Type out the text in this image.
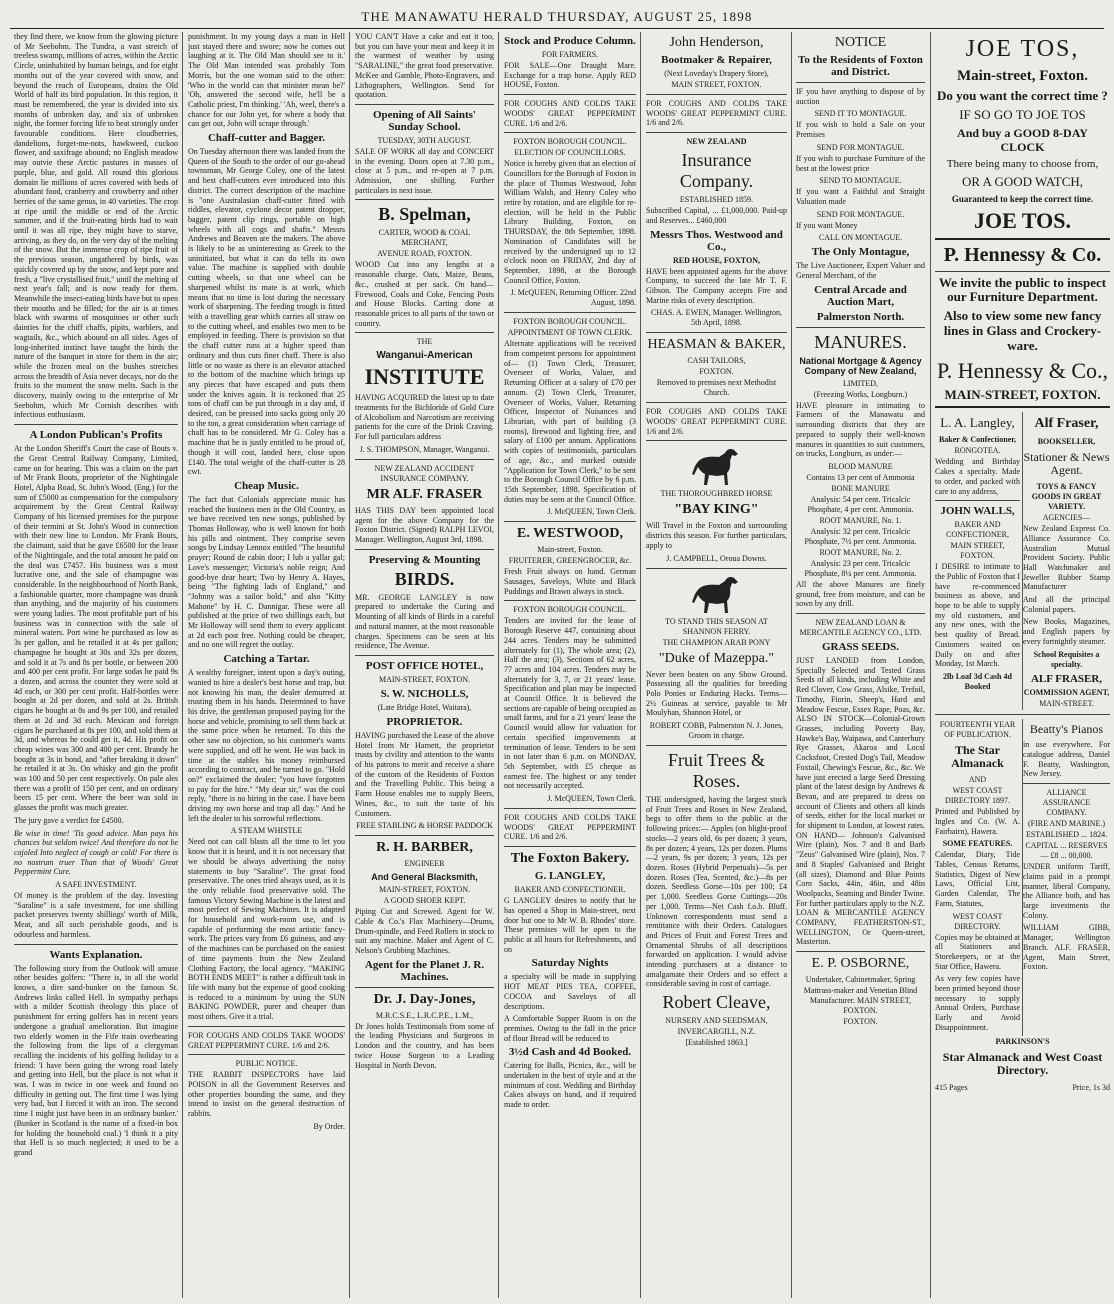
THE MANAWATU HERALD THURSDAY, AUGUST 25, 1898

they find there, we know from the glowing picture of Mr Seebohm. The Tundra, a vast stretch of treeless swamp, millions of acres, within the Arctic Circle, uninhabited by human beings, and for eight months out of the year covered with snow, and beyond the reach of Europeans, drains the Old World of half its bird population. In this region, it must be remembered, the year is divided into six months of unbroken day, and six of unbroken night, the former forcing life to beat strongly under favourable conditions. Here cloudberries, dandelions, forget-me-nots, hawkweed, cuckoo flower, and saxifrage abound; no English meadow may outvie these Arctic pastures in masses of purple, blue, and gold. All round this glorious domain lie millions of acres covered with beds of abundant food, cranberry and crowberry and other berries of the same genus, in 40 varieties. The crop at ripe until the middle or end of the Arctic summer, and if the fruit-eating birds had to wait until it was all ripe, they might have to starve, arriving, as they do, on the very day of the melting of the snow. But the immense crop of ripe fruit of the previous season, ungathered by birds, was quickly covered up by the snow, and kept pure and fresh, a "live crystallised fruit," until the melting of next year's fall; and is now ready for them. Meanwhile the insect-eating birds have but to open their mouths and be filled; for the air is at times black with swarms of mosquitoes or other such dainties for the chiff chaffs, pipits, warblers, and wagtails, &c., which abound on all sides. Ages of long-inherited instinct have taught the birds the nature of the banquet in store for them in the air; while the frozen meal on the bushes stretches across the breadth of Asia never decays, nor do the fruits to the moment the snow melts. Such is the discovery, mainly owing to the enterprise of Mr Seebohm, which Mr Cornish describes with infectious enthusiasm.

A London Publican's Profits

At the London Sheriff's Court the case of Bouts v. the Great Central Railway Company, Limited, came on for hearing. This was a claim on the part of Mr Frank Bouts, proprietor of the Nightingale Hotel, Alpha Road, St. John's Wood, (Eng.) for the sum of £5000 as compensation for the compulsory acquirement by the Great Central Railway Company of his licensed premises for the purpose of their termini at St. John's Wood in connection with their new line to London. Mr Frank Bouts, the claimant, said that he gave £6500 for the lease of the Nightingale, and the total amount he paid on the deal was £7457. His business was a most lucrative one, and the sale of champagne was considerable. In the neighbourhood of North Bank, a fashionable quarter, more champagne was drunk than anything, and the majority of his customers were young ladies. The most profitable part of his business was in connection with the sale of mineral waters. Port wine he purchased as low as 3s per gallon, and he retailed it at 4s per gallon; champagne he bought at 30s and 32s per dozen, and sold it at 7s and 8s per bottle, or between 200 and 400 per cent profit. For large sodas he paid 9s a dozen, and across the counter they were sold at 4d each, or 300 per cent profit. Half-bottles were bought at 2d per dozen, and sold at 2s. British cigars he bought at 8s and 9s per 100, and retailed them at 2d and 3d each. Mexican and foreign cigars he purchased at 8s per 100, and sold them at 3d, and whereas he could get it, 4d. His profit on cheap wines was 300 and 400 per cent. Brandy he bought at 3s in bond, and "after breaking it down" he retailed it at 3s. On whisky and gin the profit was 100 and 50 per cent respectively. On pale ales there was a profit of 150 per cent, and on ordinary beers 15 per cent. Where the beer was sold in glasses the profit was much greater.

The jury gave a verdict for £4500.

Be wise in time! 'Tis good advice. Man pays his chances but seldom twice! And therefore do not be cajoled Into neglect of cough or cold! For there is no nostrum truer Than that of Woods' Great Peppermint Cure.

A SAFE INVESTMENT.

Of money is the problem of the day. Investing "Saraline" is a safe investment, for one shilling packet preserves twenty shillings' worth of Milk, Meat, and all such perishable goods, and is odourless and harmless.

Wants Explanation.

The following story from the Outlook will amuse other besides golfers: "There is, in all the world knows, a dire sand-bunker on the famous St. Andrews links called Hell. In sympathy perhaps with a milder Scottish theology this place of punishment for erring golfers has in recent years undergone a gradual amelioration. But imagine two elderly women in the Fife train overhearing the following from the lips of a clergyman recalling the incidents of his golfing holiday to a friend: 'I have been going the wrong road lately and getting into Hell, but the place is not what it was. I was in twice in one week and found no difficulty in getting out. The first time I was lying very bad, but I forced it with an iron. The second time I might just have been in an ordinary bunker.' (Bunker in Scotland is the name of a fixed-in box for holding the household coal.) 'I think it a pity that Hell is so much neglected; it used to be a grand

punishment. In my young days a man in Hell just stayed there and swore; now he comes out laughing at it. The Old Man should see to it.' The Old Man intended was probably Tom Morris, but the one woman said to the other: 'Who in the world can that minister mean be?' 'Oh, answered the second wife, he'll be a Catholic priest, I'm thinking.' 'Ah, weel, there's a chance for our John yet, for where a body that can get out, John will scrape through.'

Chaff-cutter and Bagger.

On Tuesday afternoon there was landed from the Queen of the South to the order of our go-ahead townsman, Mr George Coley, one of the latest and best chaff-cutters ever introduced into this district. The correct description of the machine is "one Australasian chaff-cutter fitted with riddles, elevator, cyclone decor patent dropper, bagger, patent clip rings, portable on high wheels with all cogs and shafts." Messrs Andrews and Beaven are the makers. The above is likely to be as uninteresting as Greek to the uninitiated, but what it can do tells its own value. The machine is supplied with double cutting wheels, so that one wheel can be sharpened whilst its mate is at work, which means that no time is lost during the necessary work of sharpening. The feeding trough is fitted with a travelling gear which carries all straw on to the cutting wheel, and enables two men to be employed in feeding. There is provision so that the chaff cutter runs at a higher speed than ordinary and thus cuts finer chaff. There is also little or no waste as there is an elevator attached to the bottom of the machine which brings up any pieces that have escaped and puts them under the knives again. It is reckoned that 25 tons of chaff can be put through in a day and, if desired, can be pressed into sacks going only 20 to the ton, a great consideration when carriage of chaff has to be considered. Mr G. Coley has a machine that he is justly entitled to be proud of, though it will cost, landed here, close upon £140. The total weight of the chaff-cutter is 28 cwt.

Cheap Music.

The fact that Colonials appreciate music has reached the business men in the Old Country, as we have received ten new songs, published by Thomas Holloway, who is well known for both his pills and ointment. They comprise seven songs by Lindsay Lennox entitled "The beautiful prayer; Round de cabin door; I lub a yallar gal; Love's messenger; Victoria's noble reign; And good-bye dear heart; Two by Henry A. Hayes, being "The fighting lads of England," and "Johnny was a sailor bold," and also "Kitty Mahone" by H. C. Dannigar. These were all published at the price of two shillings each, but Mr Holloway will send them to every applicant at 2d each post free. Nothing could be cheaper, and no one will regret the outlay.

Catching a Tartar.

A wealthy foreigner, intent upon a day's outing, wanted to hire a dealer's best horse and trap, but not knowing his man, the dealer demurred at trusting them in his hands. Determined to have his drive, the gentleman proposed paying for the horse and vehicle, promising to sell them back at the same price when he returned. To this the other saw no objection, so his customer's wants were supplied, and off he went. He was back in time at the stables his money reimbursed according to contract, and he turned to go. "Hold on?" exclaimed the dealer; "you have forgotten to pay for the hire." "My dear sir," was the cool reply, "there is no hiring in the case. I have been driving my own horse and trap all day." And he left the dealer to his sorrowful reflections.

A STEAM WHISTLE

Need not can call blasts all the time to let you know that it is heard, and it is not necessary that we should be always advertising the noisy statements to buy "Saraline". The great food preservative. The ones tried always used, as it is the only reliable food preservative sold. The famous Victory Sewing Machine is the latest and most perfect of Sewing Machines. It is adapted for household and work-room use, and is capable of performing the most artistic fancy-work. The prices vary from £6 guineas, and any of the machines can be purchased on the easiest of time payments from the New Zealand Clothing Factory, the local agency. "MAKING BOTH ENDS MEET" is rather a difficult task in life with many but the expense of good cooking is reduced to a minimum by using the SUN BAKING POWDER, purer and cheaper than most others. Give it a trial.

FOR COUGHS AND COLDS TAKE WOODS' GREAT PEPPERMINT CURE. 1/6 and 2/6.

PUBLIC NOTICE.

THE RABBIT INSPECTORS have laid POISON in all the Government Reserves and other properties bounding the same, and they intend to insist on the general destruction of rabbits.

By Order.

YOU CAN'T Have a cake and eat it too, but you can have your meat and keep it in the warmest of weather by using "SARALINE," the great food preservative. McKee and Gamble, Photo-Engravers, and Lithographers, Wellington. Send for quotation.

Opening of All Saints' Sunday School.
TUESDAY, 30TH AUGUST.

SALE OF WORK all day and CONCERT in the evening. Doors open at 7.30 p.m., close at 5 p.m., and re-open at 7 p.m. Admission, one shilling. Further particulars in next issue.

B. Spelman,
CARTER, WOOD & COAL MERCHANT,
AVENUE ROAD, FOXTON.

WOOD Cut into any lengths at a reasonable charge. Oats, Maize, Beans, &c., crushed at per sack. On hand—Firewood, Coals and Coke, Fencing Posts and House Blocks. Carting done at reasonable prices to all parts of the town or country.

THE
Wanganui-American
INSTITUTE

HAVING ACQUIRED the latest up to date treatments for the Bichloride of Gold Cure of Alcoholism and Narcotism are receiving patients for the cure of the Drink Craving. For full particulars address

J. S. THOMPSON, Manager, Wanganui.
NEW ZEALAND ACCIDENT INSURANCE COMPANY.
MR ALF. FRASER

HAS THIS DAY been appointed local agent for the above Company for the Foxton District. (Signed) RALPH LEVOI, Manager. Wellington, August 3rd, 1898.

Preserving & Mounting
BIRDS.

MR. GEORGE LANGLEY is now prepared to undertake the Curing and Mounting of all kinds of Birds in a careful and natural manner, at the most reasonable charges. Specimens can be seen at his residence, The Avenue.

POST OFFICE HOTEL,
MAIN-STREET, FOXTON.
S. W. NICHOLLS,
(Late Bridge Hotel, Waitara),
PROPRIETOR.

HAVING purchased the Lease of the above Hotel from Mr Harnett, the proprietor trusts by civility and attention to the wants of his patrons to merit and receive a share of the custom of the Residents of Foxton and the Travelling Public. This being a Farm House enables me to supply Beers, Wines, &c., to suit the taste of his Customers.

FREE STABLING & HORSE PADDOCK
R. H. BARBER,
ENGINEER
And General Blacksmith,
MAIN-STREET, FOXTON.
A GOOD SHOER KEPT.

Piping Cut and Screwed. Agent for W. Cable & Co.'s Flax Machinery—Drums, Drum-spindle, and Feed Rollers in stock to suit any machine. Maker and Agent of C. Nelson's Grubbing Machines.

Agent for the Planet J. R. Machines.
Dr. J. Day-Jones,
M.R.C.S.E., L.R.C.P.E., L.M.,

Dr Jones holds Testimonials from some of the leading Physicians and Surgeons in London and the country, and has been twice House Surgeon to a Leading Hospital in North Devon.

Stock and Produce Column.
FOR FARMERS.

FOR SALE—One Draught Mare. Exchange for a trap horse. Apply RED HOUSE, Foxton.

FOR COUGHS AND COLDS TAKE WOODS' GREAT PEPPERMINT CURE. 1/6 and 2/6.

FOXTON BOROUGH COUNCIL.
ELECTION OF COUNCILLORS.

Notice is hereby given that an election of Councillors for the Borough of Foxton in the place of Thomas Westwood, John William Walsh, and Henry Coley who retire by rotation, and are eligible for re-election, will be held in the Public Library Building, Foxton, on THURSDAY, the 8th September, 1898. Nomination of Candidates will be received by the undersigned up to 12 o'clock noon on FRIDAY, 2nd day of September, 1898, at the Borough Council Office, Foxton.

J. McQUEEN, Returning Officer. 22nd August, 1898.
FOXTON BOROUGH COUNCIL.
APPOINTMENT OF TOWN CLERK.

Alternate applications will be received from competent persons for appointment of— (1) Town Clerk, Treasurer, Overseer of Works, Valuer, and Returning Officer at a salary of £70 per annum. (2) Town Clerk, Treasurer, Overseer of Works, Valuer, Returning Officer, Inspector of Nuisances and Librarian, with part of building (3 rooms), firewood and lighting free, and salary of £100 per annum. Applications with copies of testimonials, particulars of age, &c., and marked outside "Application for Town Clerk," to be sent to the Borough Council Office by 6 p.m. 15th September, 1898. Specification of duties may be seen at the Council Office.

J. McQUEEN, Town Clerk.
E. WESTWOOD,
Main-street, Foxton.
FRUITERER, GREENGROCER, &c.

Fresh Fruit always on hand. German Sausages, Saveloys, White and Black Puddings and Brawn always in stock.

FOXTON BOROUGH COUNCIL.

Tenders are invited for the lease of Borough Reserve 447, containing about 244 acres. Tenders may be submitted alternately for (1), The whole area; (2), Half the area; (3), Sections of 62 acres, 77 acres and 104 acres. Tenders may be alternately for 3, 7, or 21 years' lease. Specification and plan may be inspected at Council Office. It is believed the sections are capable of being occupied as small farms, and for a 21 years' lease the Council would allow for valuation for certain specified improvements at termination of lease. Tenders to be sent in not later than 6 p.m. on MONDAY, 5th September, with £5 cheque as earnest fee. The highest or any tender not necessarily accepted.

J. McQUEEN, Town Clerk.

FOR COUGHS AND COLDS TAKE WOODS' GREAT PEPPERMINT CURE. 1/6 and 2/6.

The Foxton Bakery.
G. LANGLEY,
BAKER AND CONFECTIONER.

G LANGLEY desires to notify that he has opened a Shop in Main-street, next door but one to Mr W. B. Rhodes' store. These premises will be open to the public at all hours for Refreshments, and on

Saturday Nights

a specialty will be made in supplying HOT MEAT PIES TEA, COFFEE, COCOA and Saveloys of all descriptions.

A Comfortable Supper Room is on the premises. Owing to the fall in the price of flour Bread will be reduced to

3½d Cash and 4d Booked.

Catering for Balls, Picnics, &c., will be undertaken in the best of style and at the minimum of cost. Wedding and Birthday Cakes always on hand, and if required made to order.

John Henderson,
Bootmaker & Repairer,
(Next Loveday's Drapery Store),
MAIN STREET, FOXTON.

FOR COUGHS AND COLDS TAKE WOODS' GREAT PEPPERMINT CURE. 1/6 and 2/6.

NEW ZEALAND
Insurance Company.
ESTABLISHED 1859.

Subscribed Capital, ... £1,000,000. Paid-up and Reserves... £460,000

Messrs Thos. Westwood and Co.,
RED HOUSE, FOXTON,

HAVE been appointed agents for the above Company, to succeed the late Mr T. F. Gibson. The Company accepts Fire and Marine risks of every description.

CHAS. A. EWEN, Manager. Wellington, 5th April, 1898.
HEASMAN & BAKER,
CASH TAILORS,
FOXTON.
Removed to premises next Methodist Church.

FOR COUGHS AND COLDS TAKE WOODS' GREAT PEPPERMINT CURE. 1/6 and 2/6.

THE THOROUGHBRED HORSE
"BAY KING"

Will Travel in the Foxton and surrounding districts this season. For further particulars, apply to

J. CAMPBELL, Oroua Downs.
TO STAND THIS SEASON AT SHANNON FERRY.
THE CHAMPION ARAB PONY
"Duke of Mazeppa."

Never been beaten on any Show Ground. Possessing all the qualities for breeding Polo Ponies or Enduring Hacks. Terms—2½ Guineas at service, payable to Mr Moulyhan, Shannon Hotel, or

ROBERT COBB, Palmerston N. J. Jones, Groom in charge.
Fruit Trees & Roses.

THE undersigned, having the largest stock of Fruit Trees and Roses in New Zealand, begs to offer them to the public at the following prices:— Apples (on blight-proof stocks—2 years old, 6s per dozen; 3 years, 8s per dozen; 4 years, 12s per dozen. Plums—2 years, 9s per dozen; 3 years, 12s per dozen. Roses (Hybrid Perpetuals)—5s per dozen. Roses (Tea, Scented, &c.)—8s per dozen. Seedless Gorse—10s per 100; £4 per 1,000. Seedless Gorse Cuttings—20s per 1,000. Terms—Net Cash f.o.b. Bluff. Unknown correspondents must send a remittance with their Orders. Catalogues and Prices of Fruit and Forest Trees and Ornamental Shrubs of all descriptions forwarded on application. I would advise intending purchasers at a distance to amalgamate their Orders and so effect a considerable saving in cost of carriage.

Robert Cleave,
NURSERY AND SEEDSMAN,
INVERCARGILL, N.Z.
[Established 1863.]
NOTICE
To the Residents of Foxton and District.

IF you have anything to dispose of by auction

SEND IT TO MONTAGUE.

If you wish to hold a Sale on your Premises

SEND FOR MONTAGUE.

If you wish to purchase Furniture of the best at the lowest price

SEND TO MONTAGUE.

If you want a Faithful and Straight Valuation made

SEND FOR MONTAGUE.

If you want Money

CALL ON MONTAGUE.
The Only Montague,

The Live Auctioneer, Expert Valuer and General Merchant, of the

Central Arcade and Auction Mart,
Palmerston North.
MANURES.
National Mortgage & Agency Company of New Zealand,
LIMITED,
(Freezing Works, Longburn.)

HAVE pleasure in intimating to Farmers of the Manawatu and surrounding districts that they are prepared to supply their well-known manures in quantities to suit customers, on trucks, Longburn, as under:—

BLOOD MANURE
Contains 13 per cent of Ammonia
BONE MANURE
Analysis: 54 per cent. Tricalcic Phosphate, 4 per cent. Ammonia.
ROOT MANURE, No. 1.
Analysis: 32 per cent. Tricalcic Phosphate, 7½ per cent. Ammonia.
ROOT MANURE, No. 2.
Analysis: 23 per cent. Tricalcic Phosphate, 8¼ per cent. Ammonia.

All the above Manures are finely ground, free from moisture, and can be sown by any drill.

NEW ZEALAND LOAN & MERCANTILE AGENCY CO., LTD.
GRASS SEEDS.

JUST LANDED from London, Specially Selected and Tested Grass Seeds of all kinds, including White and Red Clover, Cow Grass, Alsike, Trefoil, Timothy, Fiorin, Sheep's, Hard and Meadow Fescue, Essex Rape, Poas, &c. ALSO IN STOCK—Colonial-Grown Grasses, including Poverty Bay, Hawke's Bay, Waipawa, and Canterbury Rye Grasses, Akaroa and Local Cocksfoot, Crested Dog's Tail, Meadow Foxtail, Chewing's Fescue, &c., &c. We have just erected a large Seed Dressing plant of the latest design by Andrews & Bevan, and are prepared to dress on account of Clients and others all kinds of seeds, either for the local market or for shipment to London, at lowest rates. ON HAND— Johnson's Galvanised Wire (plain), Nos. 7 and 8 and Barb "Zeus" Galvanised Wire (plain), Nos. 7 and 8 Staples' Galvanised and Bright (all sizes), Diamond and Blue Points Corn Sacks, 44in, 46in, and 48in Woolpacks, Seaming and Binder Twine. For further particulars apply to the N.Z. LOAN & MERCANTILE AGENCY COMPANY, FEATHERSTON-ST., WELLINGTON, Or Queen-street, Masterton.

E. P. OSBORNE,
Undertaker, Cabinetmaker, Spring
Mattrass-maker and Venetian Blind Manufacturer. MAIN STREET, FOXTON.
FOXTON.
JOE TOS,
Main-street, Foxton.
Do you want the correct time ?
IF SO GO TO JOE TOS
And buy a GOOD 8-DAY CLOCK
There being many to choose from,
OR A GOOD WATCH,
Guaranteed to keep the correct time.
JOE TOS.
P. Hennessy & Co.
We invite the public to inspect our Furniture Department.
Also to view some new fancy lines in Glass and Crockery-ware.
P. Hennessy & Co.,
MAIN-STREET, FOXTON.
L. A. Langley,
Baker & Confectioner,
RONGOTEA.

Wedding and Birthday Cakes a specialty. Made to order, and packed with care to any address,

JOHN WALLS,
BAKER AND CONFECTIONER,
MAIN STREET, FOXTON.

I DESIRE to intimate to the Public of Foxton that I have re-commenced business as above, and hope to be able to supply my old customers, and any new ones, with the best quality of Bread. Customers waited on Daily on and after Monday, 1st March.

2lb Loaf 3d Cash 4d Booked
Alf Fraser,
BOOKSELLER,
Stationer & News Agent.
TOYS & FANCY GOODS IN GREAT VARIETY.
AGENCIES—

New Zealand Express Co. Alliance Assurance Co. Australian Mutual Provident Society. Public Hall Watchmaker and Jeweller Rubber Stamp Manufacturer

And all the principal Colonial papers.

New Books, Magazines, and English papers by every fortnightly steamer.

School Requisites a specialty.
ALF FRASER,
COMMISSION AGENT,
MAIN-STREET.
FOURTEENTH YEAR OF PUBLICATION.
The Star Almanack
AND
WEST COAST DIRECTORY 1897.

Printed and Published by Ingles and Co. (W. A. Fairbairn), Hawera.

SOME FEATURES.

Calendar, Diary, Tide Tables, Census Returns, Statistics, Digest of New Laws, Official List, Garden Calendar, The Farm, Statutes,

WEST COAST DIRECTORY.

Copies may be obtained at all Stationers and Storekeepers, or at the Star Office, Hawera.

As very few copies have been printed beyond those necessary to supply Annual Orders, Purchase Early and Avoid Disappointment.

Beatty's Pianos

in use everywhere. For catalogue address, Daniel F. Beatty, Washington, New Jersey.

ALLIANCE ASSURANCE COMPANY.
(FIRE AND MARINE.)
ESTABLISHED ... 1824.
CAPITAL ... RESERVES— £8 ... 00,000.

UNDER uniform Tariff, claims paid in a prompt manner, liberal Company, the Alliance both, and has large investments the Colony.

WILLIAM GIBB, Manager, Wellington Branch. ALF. FRASER, Agent, Main Street, Foxton.

PARKINSON'S
Star Almanack and West Coast Directory.
415 Pages	Price, 1s 3d
